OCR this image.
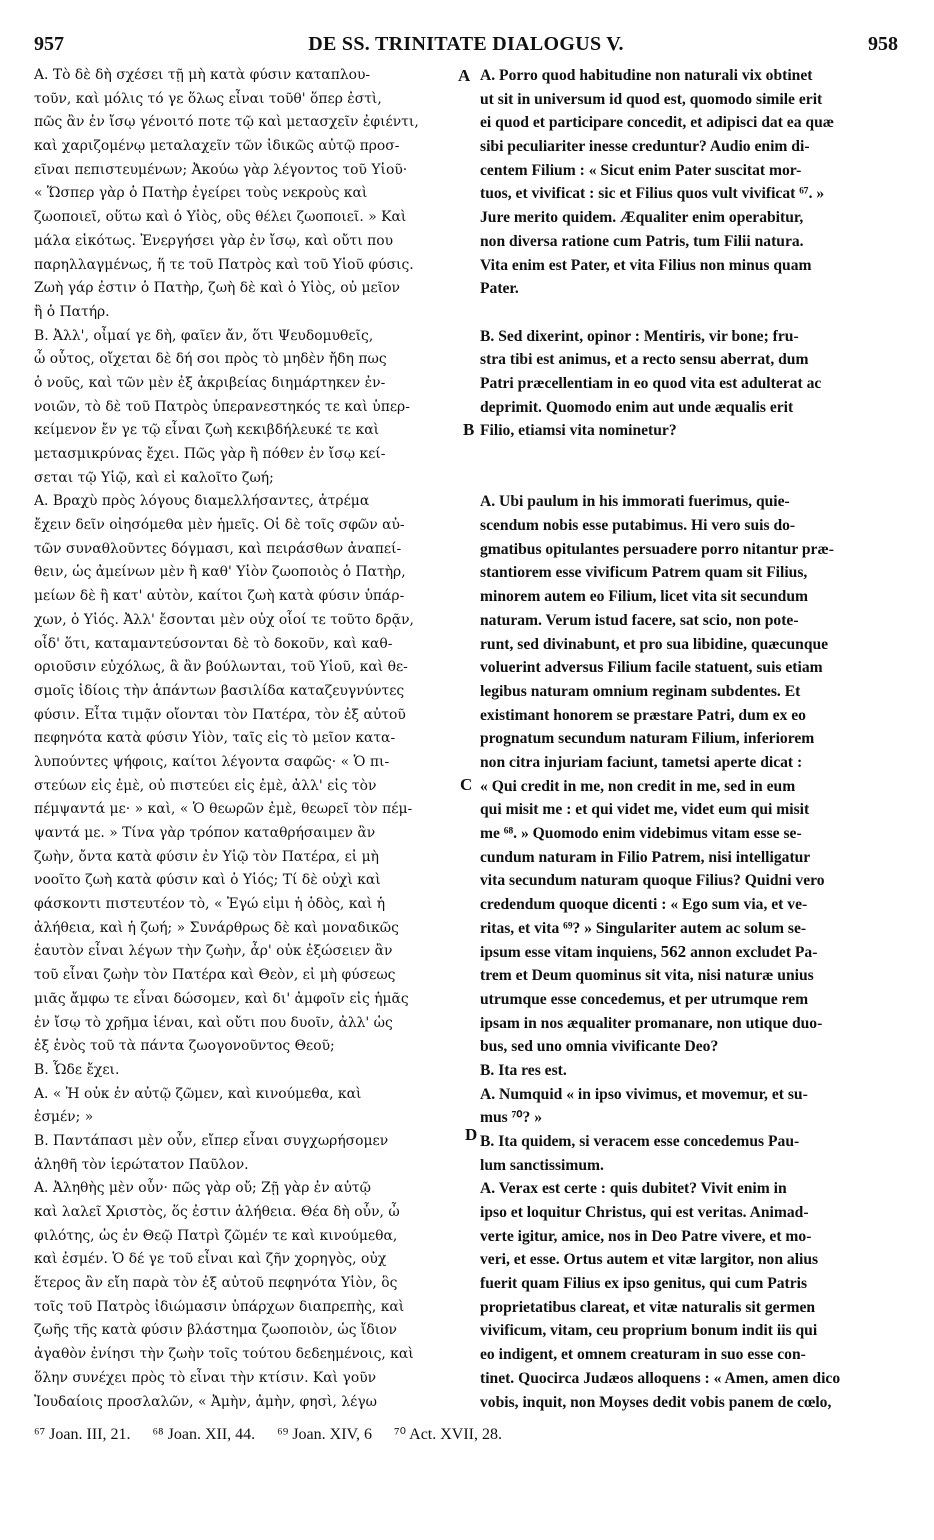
957	DE SS. TRINITATE DIALOGUS V.	958
Α. Τὸ δὲ δὴ σχέσει τῇ μὴ κατὰ φύσιν καταπλου-
τοῦν, καὶ μόλις τό γε ὅλως εἶναι τοῦθ' ὅπερ ἐστὶ,
πῶς ἂν ἐν ἴσῳ γένοιτό ποτε τῷ καὶ μετασχεῖν ἐφιέντι,
καὶ χαριζομένῳ μεταλαχεῖν τῶν ἰδικῶς αὐτῷ προσ-
εῖναι πεπιστευμένων; Ἀκούω γὰρ λέγοντος τοῦ Υἱοῦ·
« Ὥσπερ γὰρ ὁ Πατὴρ ἐγείρει τοὺς νεκροὺς καὶ
ζωοποιεῖ, οὕτω καὶ ὁ Υἱὸς, οὓς θέλει ζωοποιεῖ. » Καὶ
μάλα εἰκότως. Ἐνεργήσει γὰρ ἐν ἴσῳ, καὶ οὔτι που
παρηλλαγμένως, ἥ τε τοῦ Πατρὸς καὶ τοῦ Υἱοῦ φύσις.
Ζωὴ γάρ ἐστιν ὁ Πατὴρ, ζωὴ δὲ καὶ ὁ Υἱὸς, οὐ μεῖον
ἢ ὁ Πατήρ.
Β. Ἀλλ', οἶμαί γε δὴ, φαῖεν ἄν, ὅτι Ψευδομυθεῖς,
ὦ οὗτος, οἴχεται δὲ δή σοι πρὸς τὸ μηδὲν ἤδη πως
ὁ νοῦς, καὶ τῶν μὲν ἐξ ἀκριβείας διημάρτηκεν ἐν-
νοιῶν, τὸ δὲ τοῦ Πατρὸς ὑπερανεστηκός τε καὶ ὑπερ-
κείμενον ἔν γε τῷ εἶναι ζωὴ κεκιβδήλευκέ τε καὶ
μετασμικρύνας ἔχει. Πῶς γὰρ ἢ πόθεν ἐν ἴσῳ κεί-
σεται τῷ Υἱῷ, καὶ εἰ καλοῖτο ζωή;
Α. Βραχὺ πρὸς λόγους διαμελλήσαντες, ἀτρέμα
ἔχειν δεῖν οἰησόμεθα μὲν ἡμεῖς. Οἱ δὲ τοῖς σφῶν αὐ-
τῶν συναθλοῦντες δόγμασι, καὶ πειράσθων ἀναπεί-
θειν, ὡς ἀμείνων μὲν ἢ καθ' Υἱὸν ζωοποιὸς ὁ Πατὴρ,
μείων δὲ ἢ κατ' αὐτὸν, καίτοι ζωὴ κατὰ φύσιν ὑπάρ-
χων, ὁ Υἱός. Ἀλλ' ἔσονται μὲν οὐχ οἷοί τε τοῦτο δρᾷν,
οἶδ' ὅτι, καταμαντεύσονται δὲ τὸ δοκοῦν, καὶ καθ-
οριοῦσιν εὐχόλως, ἃ ἂν βούλωνται, τοῦ Υἱοῦ, καὶ θε-
σμοῖς ἰδίοις τὴν ἁπάντων βασιλίδα καταζευγνύντες
φύσιν. Εἶτα τιμᾷν οἴονται τὸν Πατέρα, τὸν ἐξ αὐτοῦ
πεφηνότα κατὰ φύσιν Υἱὸν, ταῖς εἰς τὸ μεῖον κατα-
λυπούντες ψήφοις, καίτοι λέγοντα σαφῶς· « Ὁ πι-
στεύων εἰς ἐμὲ, οὐ πιστεύει εἰς ἐμὲ, ἀλλ' εἰς τὸν
πέμψαντά με· » καὶ, « Ὁ θεωρῶν ἐμὲ, θεωρεῖ τὸν πέμ-
ψαντά με. » Τίνα γὰρ τρόπον καταθρήσαιμεν ἂν
ζωὴν, ὄντα κατὰ φύσιν ἐν Υἱῷ τὸν Πατέρα, εἰ μὴ
νοοῖτο ζωὴ κατὰ φύσιν καὶ ὁ Υἱός; Τί δὲ οὐχὶ καὶ
φάσκοντι πιστευτέον τὸ, « Ἐγώ εἰμι ἡ ὁδὸς, καὶ ἡ
ἀλήθεια, καὶ ἡ ζωή; » Συνάρθρως δὲ καὶ μοναδικῶς
ἑαυτὸν εἶναι λέγων τὴν ζωὴν, ἆρ' οὐκ ἐξώσειεν ἂν
τοῦ εἶναι ζωὴν τὸν Πατέρα καὶ Θεὸν, εἰ μὴ φύσεως
μιᾶς ἄμφω τε εἶναι δώσομεν, καὶ δι' ἀμφοῖν εἰς ἡμᾶς
ἐν ἴσῳ τὸ χρῆμα ἰέναι, καὶ οὔτι που δυοῖν, ἀλλ' ὡς
ἐξ ἑνὸς τοῦ τὰ πάντα ζωογονοῦντος Θεοῦ;
Β. Ὧδε ἔχει.
Α. « Ἡ οὐκ ἐν αὐτῷ ζῶμεν, καὶ κινούμεθα, καὶ
ἐσμέν; »
Β. Παντάπασι μὲν οὖν, εἴπερ εἶναι συγχωρήσομεν
ἀληθῆ τὸν ἱερώτατον Παῦλον.
Α. Ἀληθὴς μὲν οὖν· πῶς γὰρ οὔ; Ζῇ γὰρ ἐν αὐτῷ
καὶ λαλεῖ Χριστὸς, ὅς ἐστιν ἀλήθεια. Θέα δὴ οὖν, ὦ
φιλότης, ὡς ἐν Θεῷ Πατρὶ ζῶμέν τε καὶ κινούμεθα,
καὶ ἐσμέν. Ὁ δέ γε τοῦ εἶναι καὶ ζῆν χορηγὸς, οὐχ
ἕτερος ἂν εἴη παρὰ τὸν ἐξ αὐτοῦ πεφηνότα Υἱὸν, ὃς
τοῖς τοῦ Πατρὸς ἰδιώμασιν ὑπάρχων διαπρεπὴς, καὶ
ζωῆς τῆς κατὰ φύσιν βλάστημα ζωοποιὸν, ὡς ἴδιον
ἀγαθὸν ἐνίησι τὴν ζωὴν τοῖς τούτου δεδεημένοις, καὶ
ὅλην συνέχει πρὸς τὸ εἶναι τὴν κτίσιν. Καὶ γοῦν
Ἰουδαίοις προσλαλῶν, « Ἀμὴν, ἀμὴν, φησὶ, λέγω
A. Porro quod habitudine non naturali vix obtinet
ut sit in universum id quod est, quomodo simile erit
ei quod et participare concedit, et adipisci dat ea quæ
sibi peculiariter inesse creduntur? Audio enim di-
centem Filium : « Sicut enim Pater suscitat mor-
tuos, et vivificat : sic et Filius quos vult vivificat ⁶⁷. »
Jure merito quidem. Æqualiter enim operabitur,
non diversa ratione cum Patris, tum Filii natura.
Vita enim est Pater, et vita Filius non minus quam
Pater.
B. Sed dixerint, opinor : Mentiris, vir bone; fru-
stra tibi est animus, et a recto sensu aberrat, dum
Patri præcellentiam in eo quod vita est adulterat ac
deprimit. Quomodo enim aut unde æqualis erit
Filio, etiamsi vita nominetur?
A. Ubi paulum in his immorati fuerimus, quie-
scendum nobis esse putabimus. Hi vero suis do-
gmatibus opitulantes persuadere porro nitantur præ-
stantiorem esse vivificum Patrem quam sit Filius,
minorem autem eo Filium, licet vita sit secundum
naturam. Verum istud facere, sat scio, non pote-
runt, sed divinabunt, et pro sua libidine, quæcunque
voluerint adversus Filium facile statuent, suis etiam
legibus naturam omnium reginam subdentes. Et
existimant honorem se præstare Patri, dum ex eo
prognatum secundum naturam Filium, inferiorem
non citra injuriam faciunt, tametsi aperte dicat :
« Qui credit in me, non credit in me, sed in eum
qui misit me : et qui videt me, videt eum qui misit
me ⁶⁸. » Quomodo enim videbimus vitam esse se-
cundum naturam in Filio Patrem, nisi intelligatur
vita secundum naturam quoque Filius? Quidni vero
credendum quoque dicenti : « Ego sum via, et ve-
ritas, et vita ⁶⁹? » Singulariter autem ac solum se-
ipsum esse vitam inquiens, 562 annon excludet Pa-
trem et Deum quominus sit vita, nisi naturæ unius
utrumque esse concedemus, et per utrumque rem
ipsam in nos æqualiter promanare, non utique duo-
bus, sed uno omnia vivificante Deo?
B. Ita res est.
A. Numquid « in ipso vivimus, et movemur, et su-
mus ⁷⁰? »
B. Ita quidem, si veracem esse concedemus Pau-
lum sanctissimum.
A. Verax est certe : quis dubitet? Vivit enim in
ipso et loquitur Christus, qui est veritas. Animad-
verte igitur, amice, nos in Deo Patre vivere, et mo-
veri, et esse. Ortus autem et vitæ largitor, non alius
fuerit quam Filius ex ipso genitus, qui cum Patris
proprietatibus clareat, et vitæ naturalis sit germen
vivificum, vitam, ceu proprium bonum indit iis qui
eo indigent, et omnem creaturam in suo esse con-
tinet. Quocirca Judæos alloquens : « Amen, amen dico
vobis, inquit, non Moyses dedit vobis panem de cœlo,
A
B
C
D
⁶⁷ Joan. III, 21. ⁶⁸ Joan. XII, 44. ⁶⁹ Joan. XIV, 6 ⁷⁰ Act. XVII, 28.
